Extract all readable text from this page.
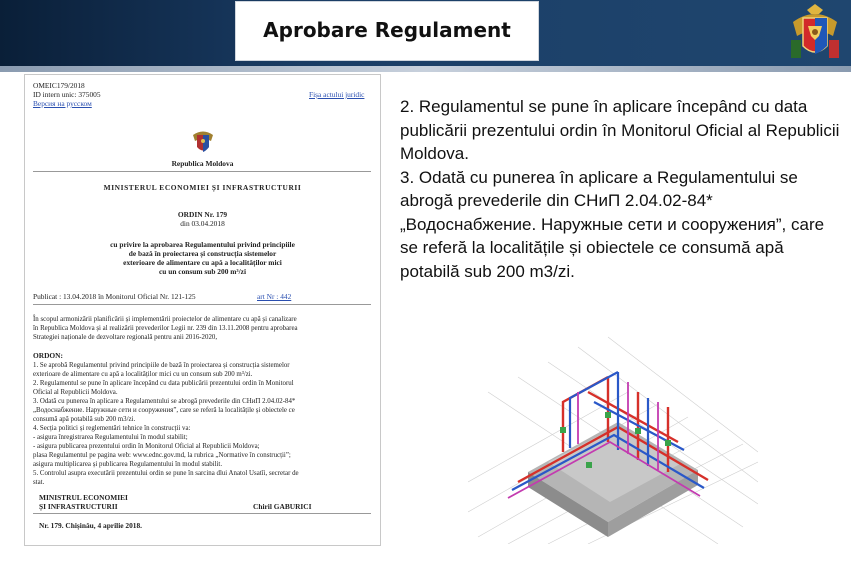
Aprobare Regulament
OMEIC179/2018
ID intern unic: 375005
Версия на русском
Fișa actului juridic
Republica Moldova
MINISTERUL ECONOMIEI ȘI INFRASTRUCTURII
ORDIN Nr. 179
din 03.04.2018
cu privire la aprobarea Regulamentului privind principiile
de bază în proiectarea și construcția sistemelor
exterioare de alimentare cu apă a localităților mici
cu un consum sub 200 m³/zi
Publicat : 13.04.2018 în Monitorul Oficial Nr. 121-125	art Nr : 442
În scopul armonizării planificării și implementării proiectelor de alimentare cu apă și canalizare
în Republica Moldova și al realizării prevederilor Legii nr. 239 din 13.11.2008 pentru aprobarea
Strategiei naționale de dezvoltare regională pentru anii 2016-2020,
ORDON:
1. Se aprobă Regulamentul privind principiile de bază în proiectarea și construcția sistemelor
exterioare de alimentare cu apă a localităților mici cu un consum sub 200 m³/zi.
2. Regulamentul se pune în aplicare începând cu data publicării prezentului ordin în Monitorul
Oficial al Republicii Moldova.
3. Odată cu punerea în aplicare a Regulamentului se abrogă prevederile din СНиП 2.04.02-84*
„Водоснабжение. Наружные сети и сооружения”, care se referă la localitățile și obiectele ce
consumă apă potabilă sub 200 m3/zi.
4. Secția politici și reglementări tehnice în construcții va:
- asigura înregistrarea Regulamentului în modul stabilit;
- asigura publicarea prezentului ordin în Monitorul Oficial al Republicii Moldova;
plasa Regulamentul pe pagina web: www.ednc.gov.md, la rubrica „Normative în construcții”;
asigura multiplicarea și publicarea Regulamentului în modul stabilit.
5. Controlul asupra executării prezentului ordin se pune în sarcina dlui Anatol Usatîi, secretar de
stat.
MINISTRUL ECONOMIEI
ȘI INFRASTRUCTURII	Chiril GABURICI
Nr. 179. Chișinău, 4 aprilie 2018.

2. Regulamentul se pune în aplicare începând cu data publicării prezentului ordin în Monitorul Oficial al Republicii Moldova.

3. Odată cu punerea în aplicare a Regulamentului se abrogă prevederile din СНиП 2.04.02-84* „Водоснабжение. Наружные сети и сооружения”, care se referă la localitățile și obiectele ce consumă apă potabilă sub 200 m3/zi.
